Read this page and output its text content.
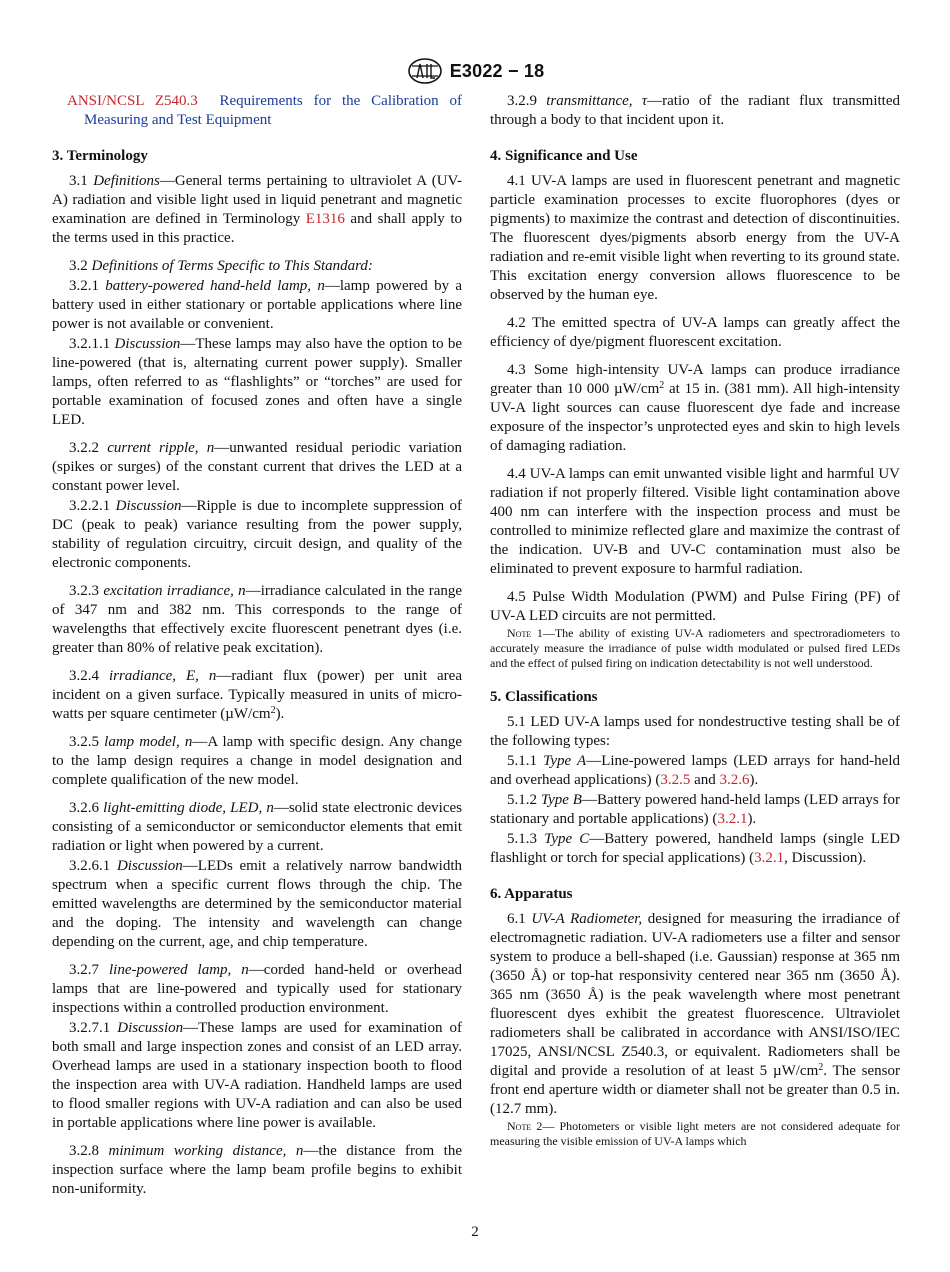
E3022 − 18

ANSI/NCSL Z540.3 Requirements for the Calibration of Measuring and Test Equipment

3. Terminology

3.1 Definitions—General terms pertaining to ultraviolet A (UV-A) radiation and visible light used in liquid penetrant and magnetic examination are defined in Terminology E1316 and shall apply to the terms used in this practice.

3.2 Definitions of Terms Specific to This Standard:

3.2.1 battery-powered hand-held lamp, n—lamp powered by a battery used in either stationary or portable applications where line power is not available or convenient.

3.2.1.1 Discussion—These lamps may also have the option to be line-powered (that is, alternating current power supply). Smaller lamps, often referred to as “flashlights” or “torches” are used for portable examination of focused zones and often have a single LED.

3.2.2 current ripple, n—unwanted residual periodic variation (spikes or surges) of the constant current that drives the LED at a constant power level.

3.2.2.1 Discussion—Ripple is due to incomplete suppression of DC (peak to peak) variance resulting from the power supply, stability of regulation circuitry, circuit design, and quality of the electronic components.

3.2.3 excitation irradiance, n—irradiance calculated in the range of 347 nm and 382 nm. This corresponds to the range of wavelengths that effectively excite fluorescent penetrant dyes (i.e. greater than 80% of relative peak excitation).

3.2.4 irradiance, E, n—radiant flux (power) per unit area incident on a given surface. Typically measured in units of micro-watts per square centimeter $(\mu W/cm^2)$.

3.2.5 lamp model, n—A lamp with specific design. Any change to the lamp design requires a change in model designation and complete qualification of the new model.

3.2.6 light-emitting diode, LED, n—solid state electronic devices consisting of a semiconductor or semiconductor elements that emit radiation or light when powered by a current.

3.2.6.1 Discussion—LEDs emit a relatively narrow bandwidth spectrum when a specific current flows through the chip. The emitted wavelengths are determined by the semiconductor material and the doping. The intensity and wavelength can change depending on the current, age, and chip temperature.

3.2.7 line-powered lamp, n—corded hand-held or overhead lamps that are line-powered and typically used for stationary inspections within a controlled production environment.

3.2.7.1 Discussion—These lamps are used for examination of both small and large inspection zones and consist of an LED array. Overhead lamps are used in a stationary inspection booth to flood the inspection area with UV-A radiation. Handheld lamps are used to flood smaller regions with UV-A radiation and can also be used in portable applications where line power is available.

3.2.8 minimum working distance, n—the distance from the inspection surface where the lamp beam profile begins to exhibit non-uniformity.

3.2.9 transmittance, τ—ratio of the radiant flux transmitted through a body to that incident upon it.

4. Significance and Use

4.1 UV-A lamps are used in fluorescent penetrant and magnetic particle examination processes to excite fluorophores (dyes or pigments) to maximize the contrast and detection of discontinuities. The fluorescent dyes/pigments absorb energy from the UV-A radiation and re-emit visible light when reverting to its ground state. This excitation energy conversion allows fluorescence to be observed by the human eye.

4.2 The emitted spectra of UV-A lamps can greatly affect the efficiency of dye/pigment fluorescent excitation.

4.3 Some high-intensity UV-A lamps can produce irradiance greater than 10 000 $\mu W/cm^2$ at 15 in. (381 mm). All high-intensity UV-A light sources can cause fluorescent dye fade and increase exposure of the inspector’s unprotected eyes and skin to high levels of damaging radiation.

4.4 UV-A lamps can emit unwanted visible light and harmful UV radiation if not properly filtered. Visible light contamination above 400 nm can interfere with the inspection process and must be controlled to minimize reflected glare and maximize the contrast of the indication. UV-B and UV-C contamination must also be eliminated to prevent exposure to harmful radiation.

4.5 Pulse Width Modulation (PWM) and Pulse Firing (PF) of UV-A LED circuits are not permitted.

Note 1—The ability of existing UV-A radiometers and spectroradiometers to accurately measure the irradiance of pulse width modulated or pulsed fired LEDs and the effect of pulsed firing on indication detectability is not well understood.

5. Classifications

5.1 LED UV-A lamps used for nondestructive testing shall be of the following types:

5.1.1 Type A—Line-powered lamps (LED arrays for hand-held and overhead applications) (3.2.5 and 3.2.6).

5.1.2 Type B—Battery powered hand-held lamps (LED arrays for stationary and portable applications) (3.2.1).

5.1.3 Type C—Battery powered, handheld lamps (single LED flashlight or torch for special applications) (3.2.1, Discussion).

6. Apparatus

6.1 UV-A Radiometer, designed for measuring the irradiance of electromagnetic radiation. UV-A radiometers use a filter and sensor system to produce a bell-shaped (i.e. Gaussian) response at 365 nm (3650 Å) or top-hat responsivity centered near 365 nm (3650 Å). 365 nm (3650 Å) is the peak wavelength where most penetrant fluorescent dyes exhibit the greatest fluorescence. Ultraviolet radiometers shall be calibrated in accordance with ANSI/ISO/IEC 17025, ANSI/NCSL Z540.3, or equivalent. Radiometers shall be digital and provide a resolution of at least 5 $\mu W/cm^2$. The sensor front end aperture width or diameter shall not be greater than 0.5 in. (12.7 mm).

Note 2— Photometers or visible light meters are not considered adequate for measuring the visible emission of UV-A lamps which

2
